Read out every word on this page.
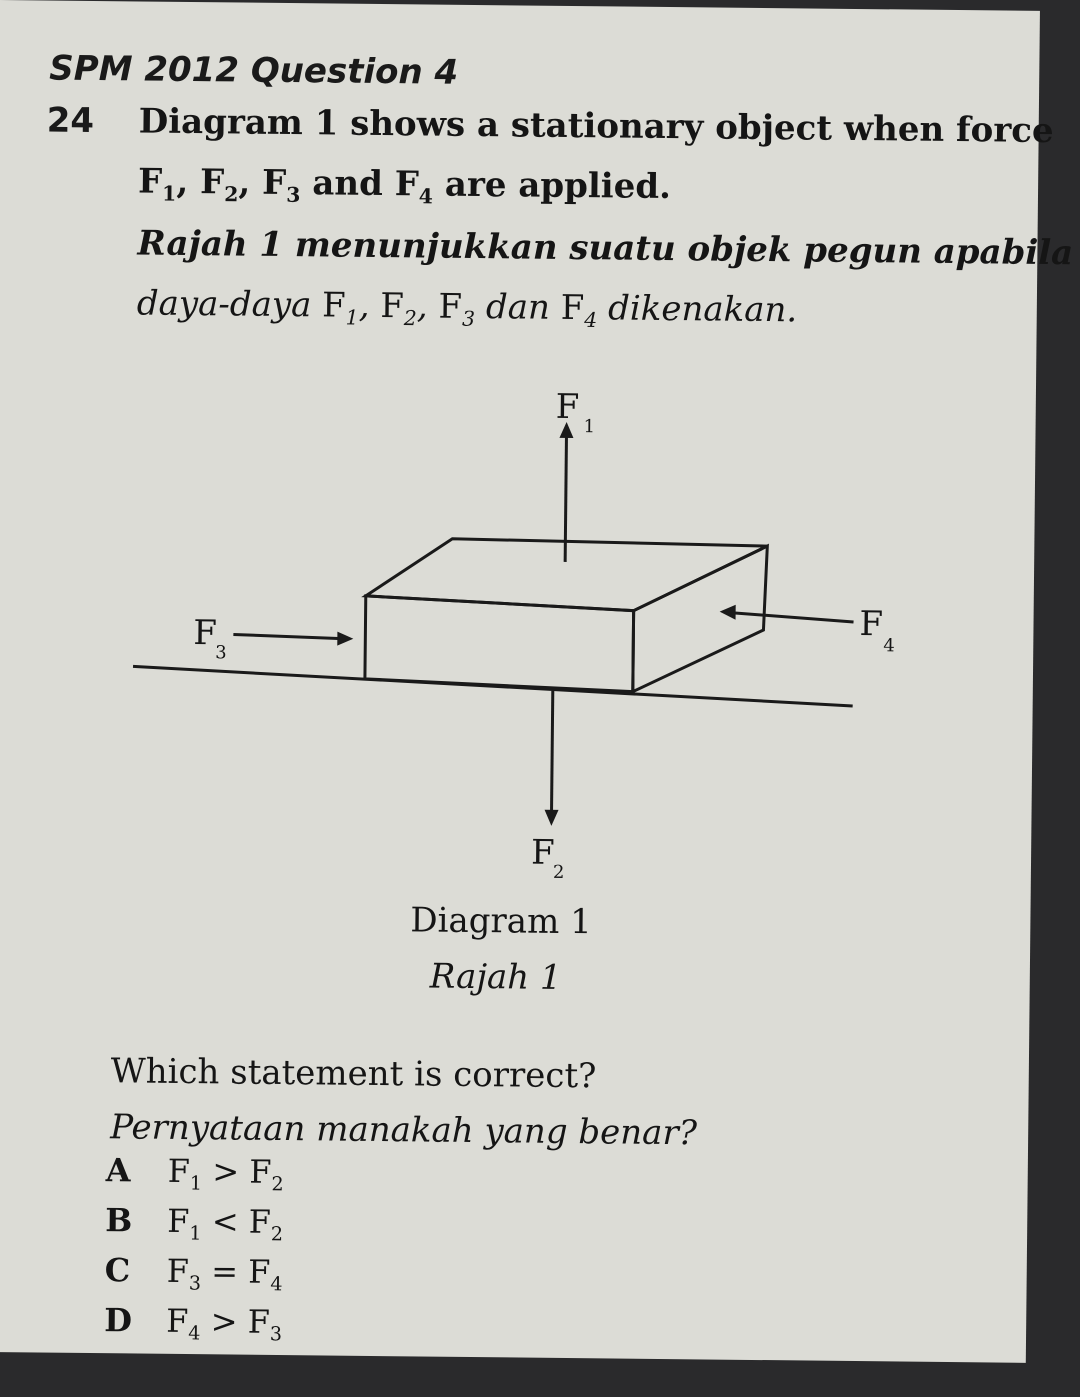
SPM 2012 Question 4
24 Diagram 1 shows a stationary object when force
$F_1$, $F_2$, $F_3$ and $F_4$ are applied.
Rajah 1 menunjukkan suatu objek pegun apabila
daya-daya $F_1$, $F_2$, $F_3$ dan $F_4$ dikenakan.
F 1
F
2
F
3
F
4
Diagram 1
Rajah 1
Which statement is correct?
Pernyataan manakah yang benar?
A $F_1 > F_2$
B $F_1 < F_2$
C $F_3 = F_4$
D $F_4 > F_3$
